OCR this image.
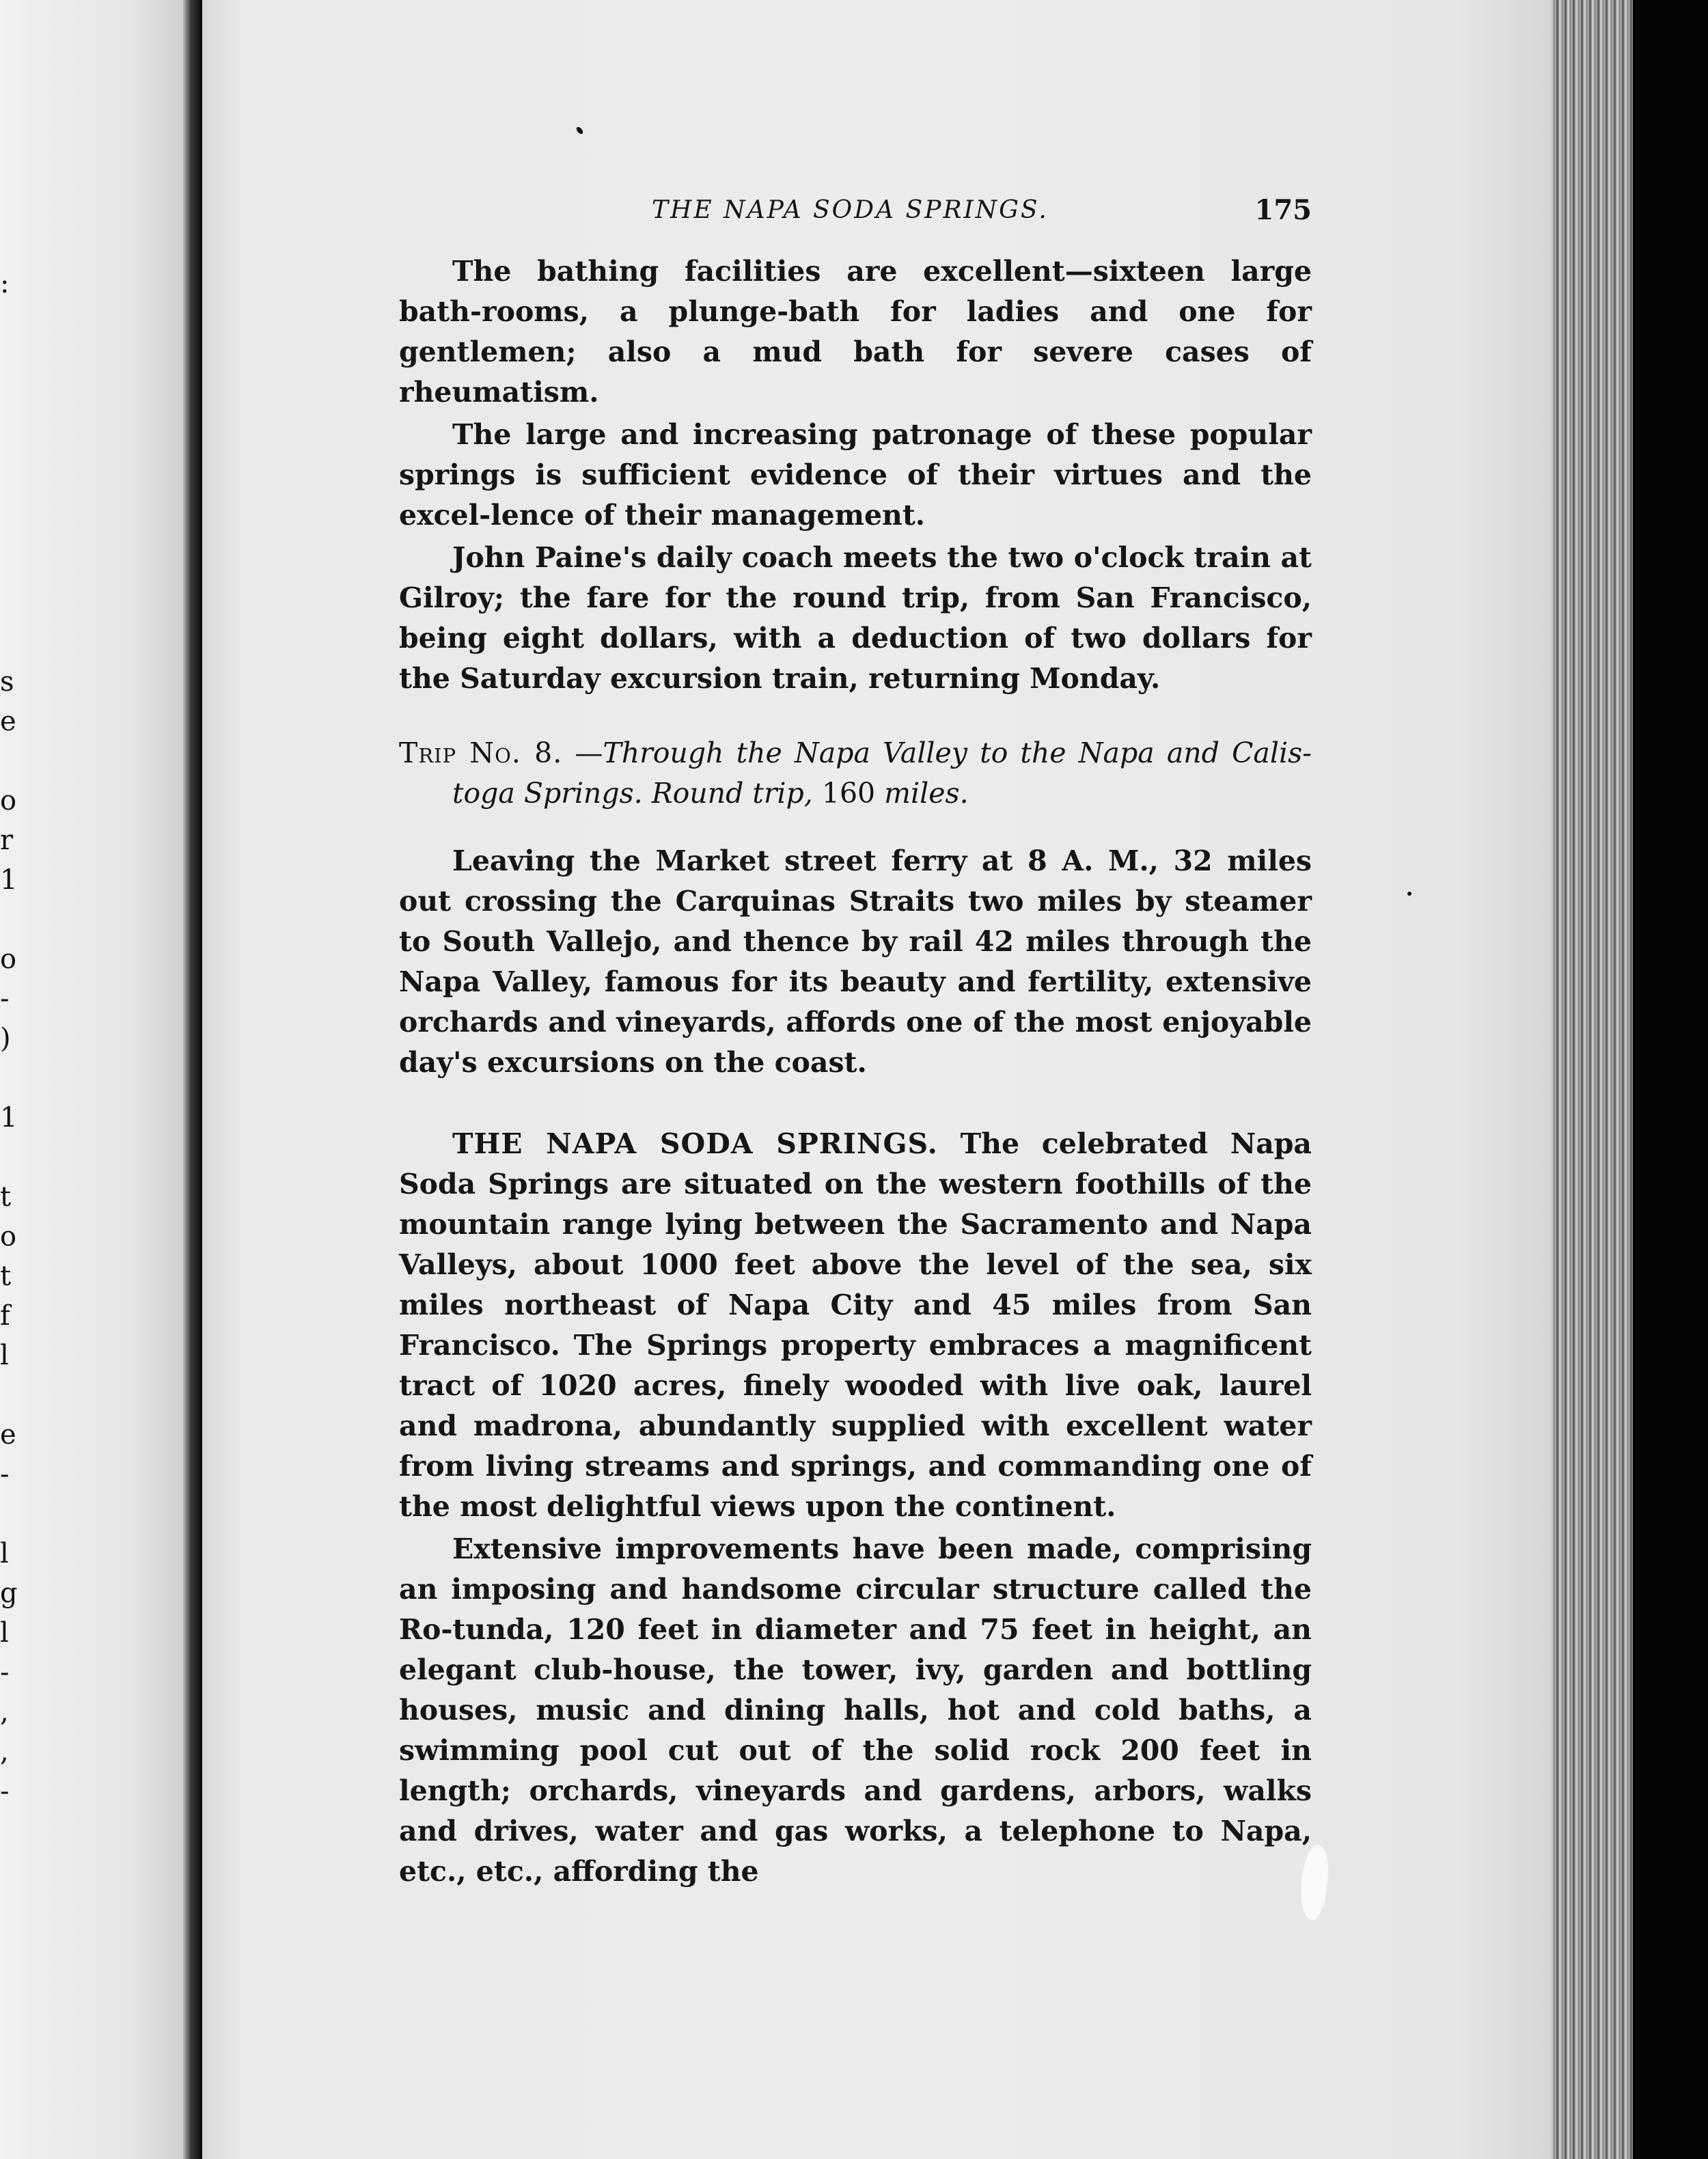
:
s
e
o
r
1
o
-
)
1
t
o
t
f
l
e
-
l
g
l
-
,
,
-
THE NAPA SODA SPRINGS.	175

The bathing facilities are excellent—sixteen large bath-rooms, a plunge-bath for ladies and one for gentlemen; also a mud bath for severe cases of rheumatism.

The large and increasing patronage of these popular springs is sufficient evidence of their virtues and the excel-lence of their management.

John Paine's daily coach meets the two o'clock train at Gilroy; the fare for the round trip, from San Francisco, being eight dollars, with a deduction of two dollars for the Saturday excursion train, returning Monday.

Trip No. 8. —Through the Napa Valley to the Napa and Calis-toga Springs. Round trip, 160 miles.

Leaving the Market street ferry at 8 A. M., 32 miles out crossing the Carquinas Straits two miles by steamer to South Vallejo, and thence by rail 42 miles through the Napa Valley, famous for its beauty and fertility, extensive orchards and vineyards, affords one of the most enjoyable day's excursions on the coast.

THE NAPA SODA SPRINGS. The celebrated Napa Soda Springs are situated on the western foothills of the mountain range lying between the Sacramento and Napa Valleys, about 1000 feet above the level of the sea, six miles northeast of Napa City and 45 miles from San Francisco. The Springs property embraces a magnificent tract of 1020 acres, finely wooded with live oak, laurel and madrona, abundantly supplied with excellent water from living streams and springs, and commanding one of the most delightful views upon the continent.

Extensive improvements have been made, comprising an imposing and handsome circular structure called the Ro-tunda, 120 feet in diameter and 75 feet in height, an elegant club-house, the tower, ivy, garden and bottling houses, music and dining halls, hot and cold baths, a swimming pool cut out of the solid rock 200 feet in length; orchards, vineyards and gardens, arbors, walks and drives, water and gas works, a telephone to Napa, etc., etc., affording the
